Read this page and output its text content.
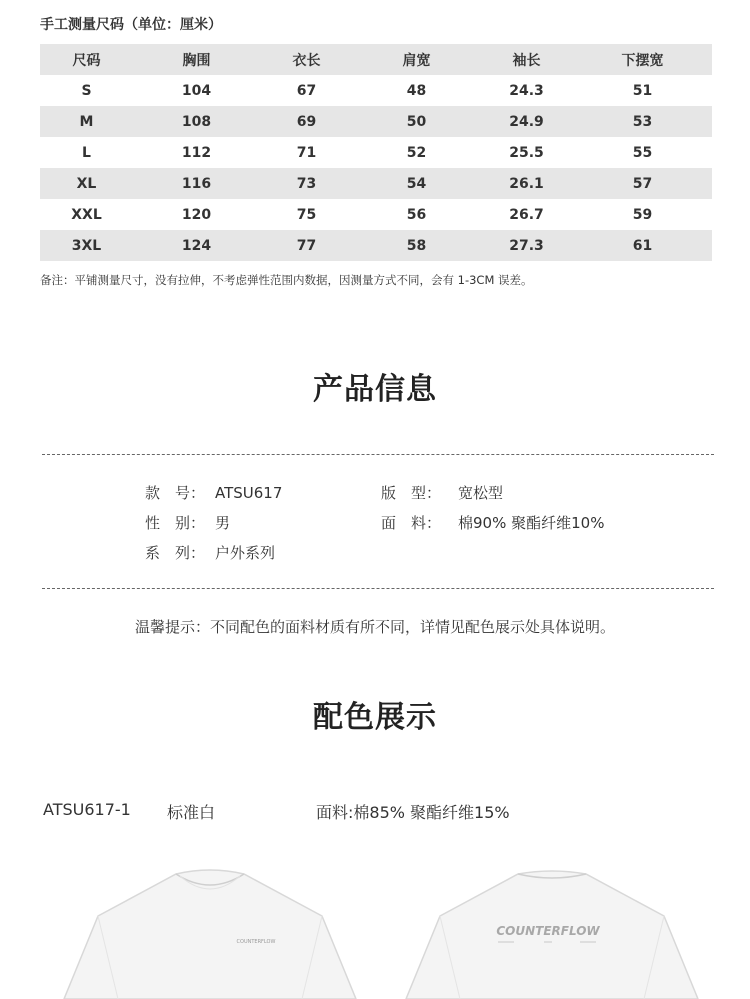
手工测量尺码（单位：厘米）
尺码	胸围	衣长	肩宽	袖长	下摆宽
S	104	67	48	24.3	51
M	108	69	50	24.9	53
L	112	71	52	25.5	55
XL	116	73	54	26.1	57
XXL	120	75	56	26.7	59
3XL	124	77	58	27.3	61
备注：平铺测量尺寸，没有拉伸，不考虑弹性范围内数据，因测量方式不同，会有 1-3CM 误差。
产品信息
款　号： ATSU617	版　型： 宽松型
性　别： 男	面　料： 棉90% 聚酯纤维10%
系　列： 户外系列
温馨提示：不同配色的面料材质有所不同，详情见配色展示处具体说明。
配色展示
ATSU617-1 标准白	面料:棉85% 聚酯纤维15%
COUNTERFLOW
COUNTERFLOW
